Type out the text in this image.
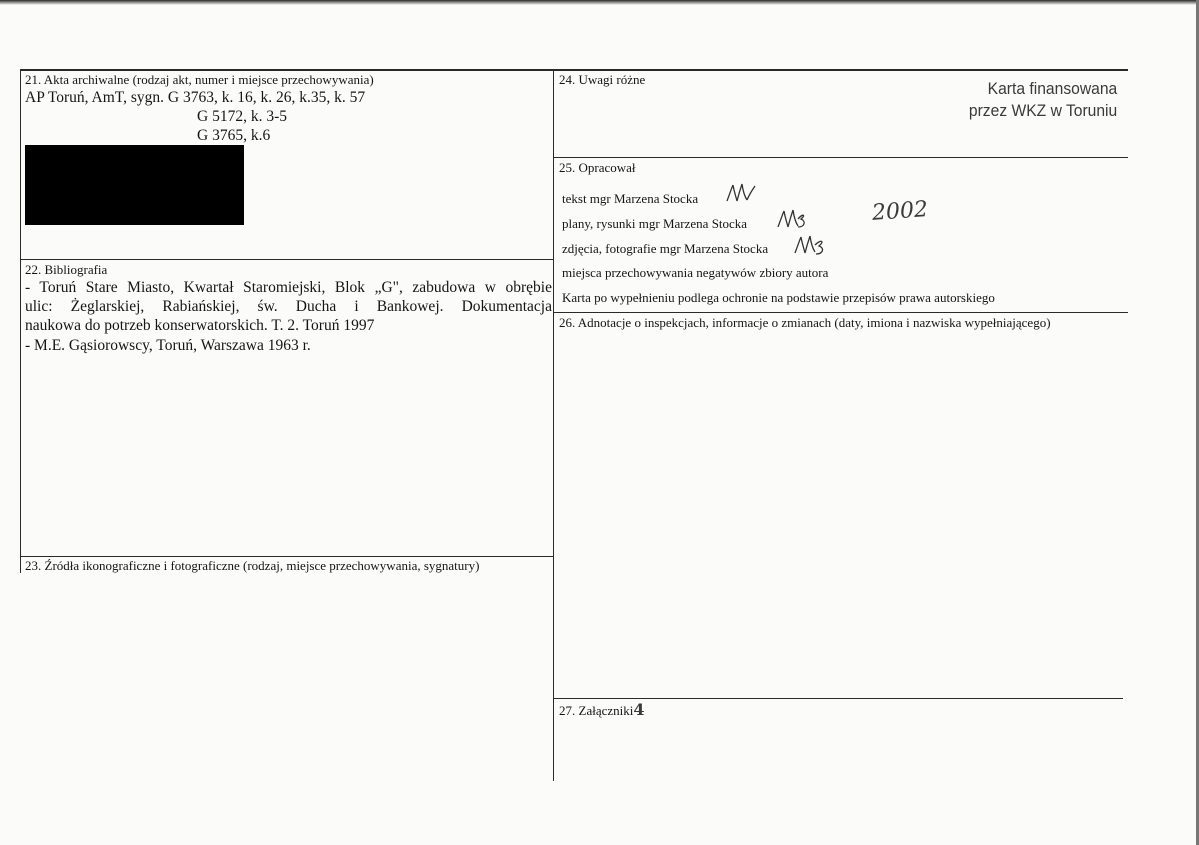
21. Akta archiwalne (rodzaj akt, numer i miejsce przechowywania)
AP Toruń, AmT, sygn. G 3763, k. 16, k. 26, k.35, k. 57
G 5172, k. 3-5
G 3765, k.6
22. Bibliografia
- Toruń Stare Miasto, Kwartał Staromiejski, Blok „G", zabudowa w obrębie
ulic: Żeglarskiej, Rabiańskiej, św. Ducha i Bankowej. Dokumentacja
naukowa do potrzeb konserwatorskich. T. 2. Toruń 1997
- M.E. Gąsiorowscy, Toruń, Warszawa 1963 r.
23. Źródła ikonograficzne i fotograficzne (rodzaj, miejsce przechowywania, sygnatury)
24. Uwagi różne	Karta finansowana
przez WKZ w Toruniu
25. Opracował
tekst mgr Marzena Stocka
plany, rysunki mgr Marzena Stocka	2002
zdjęcia, fotografie mgr Marzena Stocka
miejsca przechowywania negatywów zbiory autora
Karta po wypełnieniu podlega ochronie na podstawie przepisów prawa autorskiego
26. Adnotacje o inspekcjach, informacje o zmianach (daty, imiona i nazwiska wypełniającego)
27. Załączniki4
